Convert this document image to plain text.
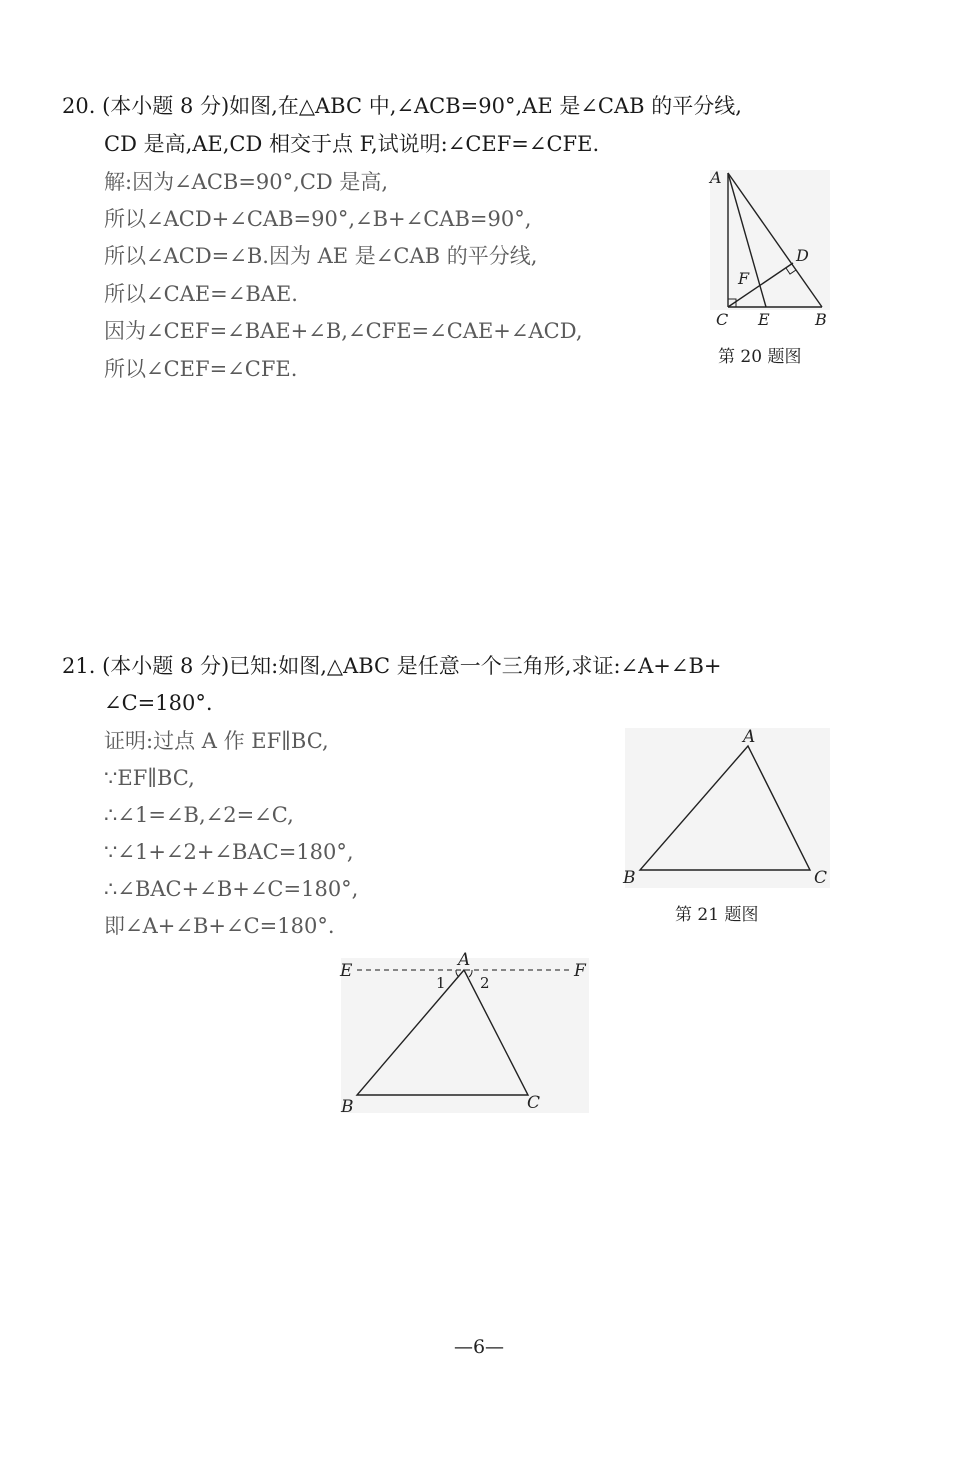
20. (本小题 8 分)如图,在△ABC 中,∠ACB=90°,AE 是∠CAB 的平分线,
CD 是高,AE,CD 相交于点 F,试说明:∠CEF=∠CFE.
解:因为∠ACB=90°,CD 是高,
所以∠ACD+∠CAB=90°,∠B+∠CAB=90°,
所以∠ACD=∠B.因为 AE 是∠CAB 的平分线,
所以∠CAE=∠BAE.
因为∠CEF=∠BAE+∠B,∠CFE=∠CAE+∠ACD,
所以∠CEF=∠CFE.
A
D
F
C E	B
第 20 题图
21. (本小题 8 分)已知:如图,△ABC 是任意一个三角形,求证:∠A+∠B+
∠C=180°.
证明:过点 A 作 EF∥BC,
∵EF∥BC,
∴∠1=∠B,∠2=∠C,
∵∠1+∠2+∠BAC=180°,
∴∠BAC+∠B+∠C=180°,
即∠A+∠B+∠C=180°.
A
B	C
第 21 题图
A
E	F
1 2
B	C
—6—
